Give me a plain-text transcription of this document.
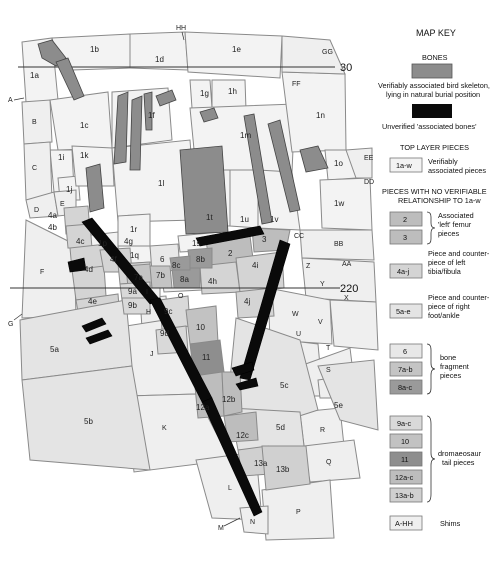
30
220
1a
1b
1c
1d
1e
1f
1g 1h
1i
1j
1k
1l
1m
1n
1o
1p
1q
1r
1s
1t	1u	1v
1w
2
3
4a
4b
4c
4d
4e
4f
4g
4h
4i
4j
5a
5b
5c
5d
5e
6
7a 7b 8a
8b
8c
9a
9b
9c
9d
10
11
12a
12b
12c
13a
13b
A
B
C
D
E
F
G
H
I
J
K
L
M
N
O
P
Q
R
S
T
U
V
W
X
Y
Z	AA
BB
CC
DD
EE
FF
GG
HH	MAP KEY
BONES
Verifiably associated bird skeleton,
lying in natural burial position
Unverified 'associated bones'
TOP LAYER PIECES
1a-w Verifiably
associated pieces
PIECES WITH NO VERIFIABLE
RELATIONSHIP TO 1a-w
2
3
Associated
'left' femur
pieces
4a-j
Piece and counter-
piece of left
tibia/fibula
5a-e
Piece and counter-
piece of right
foot/ankle
6
7a-b
8a-c
bone
fragment
pieces
9a-c
10
11
12a-c
13a-b
dromaeosaur
tail pieces
A-HH	Shims
